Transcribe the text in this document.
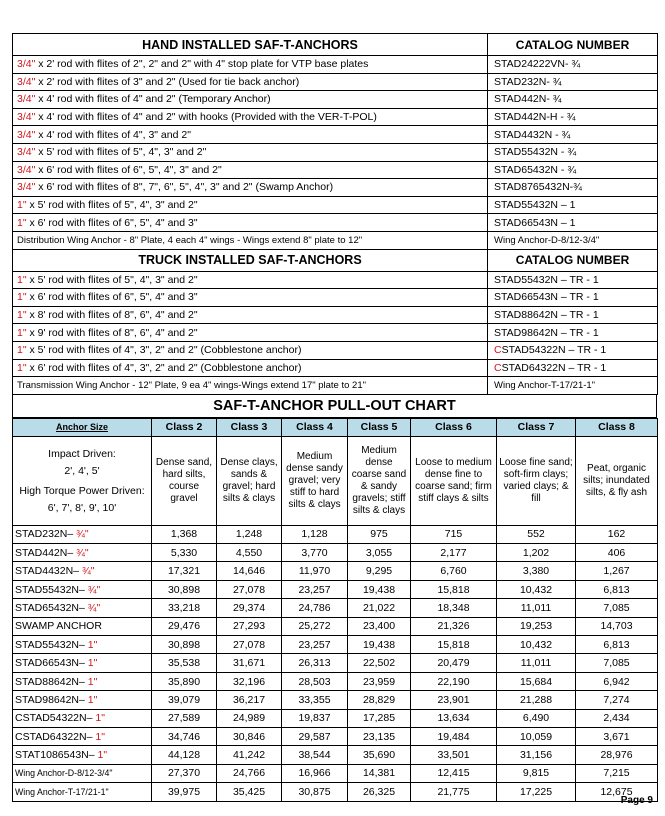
HAND INSTALLED SAF-T-ANCHORS	CATALOG NUMBER
3/4" x 2' rod with flites of 2", 2" and 2" with 4" stop plate for VTP base plates	STAD24222VN- ¾
3/4" x 2' rod with flites of 3" and 2" (Used for tie back anchor)	STAD232N- ¾
3/4" x 4' rod with flites of 4" and 2" (Temporary Anchor)	STAD442N- ¾
3/4" x 4' rod with flites of 4" and 2" with hooks (Provided with the VER-T-POL)	STAD442N-H - ¾
3/4" x 4' rod with flites of 4", 3" and 2"	STAD4432N - ¾
3/4" x 5' rod with flites of 5", 4", 3" and 2"	STAD55432N - ¾
3/4" x 6' rod with flites of 6", 5", 4", 3" and 2"	STAD65432N - ¾
3/4" x 6' rod with flites of 8", 7", 6", 5", 4", 3" and 2" (Swamp Anchor)	STAD8765432N-¾
1" x 5' rod with flites of 5", 4", 3" and 2"	STAD55432N – 1
1" x 6' rod with flites of 6", 5", 4" and 3"	STAD66543N – 1
Distribution Wing Anchor - 8" Plate, 4 each 4" wings - Wings extend 8" plate to 12"	Wing Anchor-D-8/12-3/4"
TRUCK INSTALLED SAF-T-ANCHORS	CATALOG NUMBER
1" x 5' rod with flites of 5", 4", 3" and 2"	STAD55432N – TR - 1
1" x 6' rod with flites of 6", 5", 4" and 3"	STAD66543N – TR - 1
1" x 8' rod with flites of 8", 6", 4" and 2"	STAD88642N – TR - 1
1" x 9' rod with flites of 8", 6", 4" and 2"	STAD98642N – TR - 1
1" x 5' rod with flites of 4", 3", 2" and 2" (Cobblestone anchor)	CSTAD54322N – TR - 1
1" x 6' rod with flites of 4", 3", 2" and 2" (Cobblestone anchor)	CSTAD64322N – TR - 1
Transmission Wing Anchor - 12" Plate, 9 ea 4" wings-Wings extend 17" plate to 21"	Wing Anchor-T-17/21-1"
SAF-T-ANCHOR PULL-OUT CHART
Anchor Size	Class 2	Class 3	Class 4	Class 5	Class 6	Class 7	Class 8

Impact Driven:
2', 4', 5'
High Torque Power Driven:
6', 7', 8', 9', 10'	Dense sand, hard silts, course gravel	Dense clays, sands & gravel; hard silts & clays	Medium dense sandy gravel; very stiff to hard silts & clays	Medium dense coarse sand & sandy gravels; stiff silts & clays	Loose to medium dense fine to coarse sand; firm stiff clays & silts	Loose fine sand; soft-firm clays; varied clays; & fill	Peat, organic silts; inundated silts, & fly ash
STAD232N– ¾"	1,368	1,248	1,128	975	715	552	162
STAD442N– ¾"	5,330	4,550	3,770	3,055	2,177	1,202	406
STAD4432N– ¾"	17,321	14,646	11,970	9,295	6,760	3,380	1,267
STAD55432N– ¾"	30,898	27,078	23,257	19,438	15,818	10,432	6,813
STAD65432N– ¾"	33,218	29,374	24,786	21,022	18,348	11,011	7,085
SWAMP ANCHOR	29,476	27,293	25,272	23,400	21,326	19,253	14,703
STAD55432N– 1"	30,898	27,078	23,257	19,438	15,818	10,432	6,813
STAD66543N– 1"	35,538	31,671	26,313	22,502	20,479	11,011	7,085
STAD88642N– 1"	35,890	32,196	28,503	23,959	22,190	15,684	6,942
STAD98642N– 1"	39,079	36,217	33,355	28,829	23,901	21,288	7,274
CSTAD54322N– 1"	27,589	24,989	19,837	17,285	13,634	6,490	2,434
CSTAD64322N– 1"	34,746	30,846	29,587	23,135	19,484	10,059	3,671
STAT1086543N– 1"	44,128	41,242	38,544	35,690	33,501	31,156	28,976
Wing Anchor-D-8/12-3/4"	27,370	24,766	16,966	14,381	12,415	9,815	7,215
Wing Anchor-T-17/21-1"	39,975	35,425	30,875	26,325	21,775	17,225	12,675
Page 9
